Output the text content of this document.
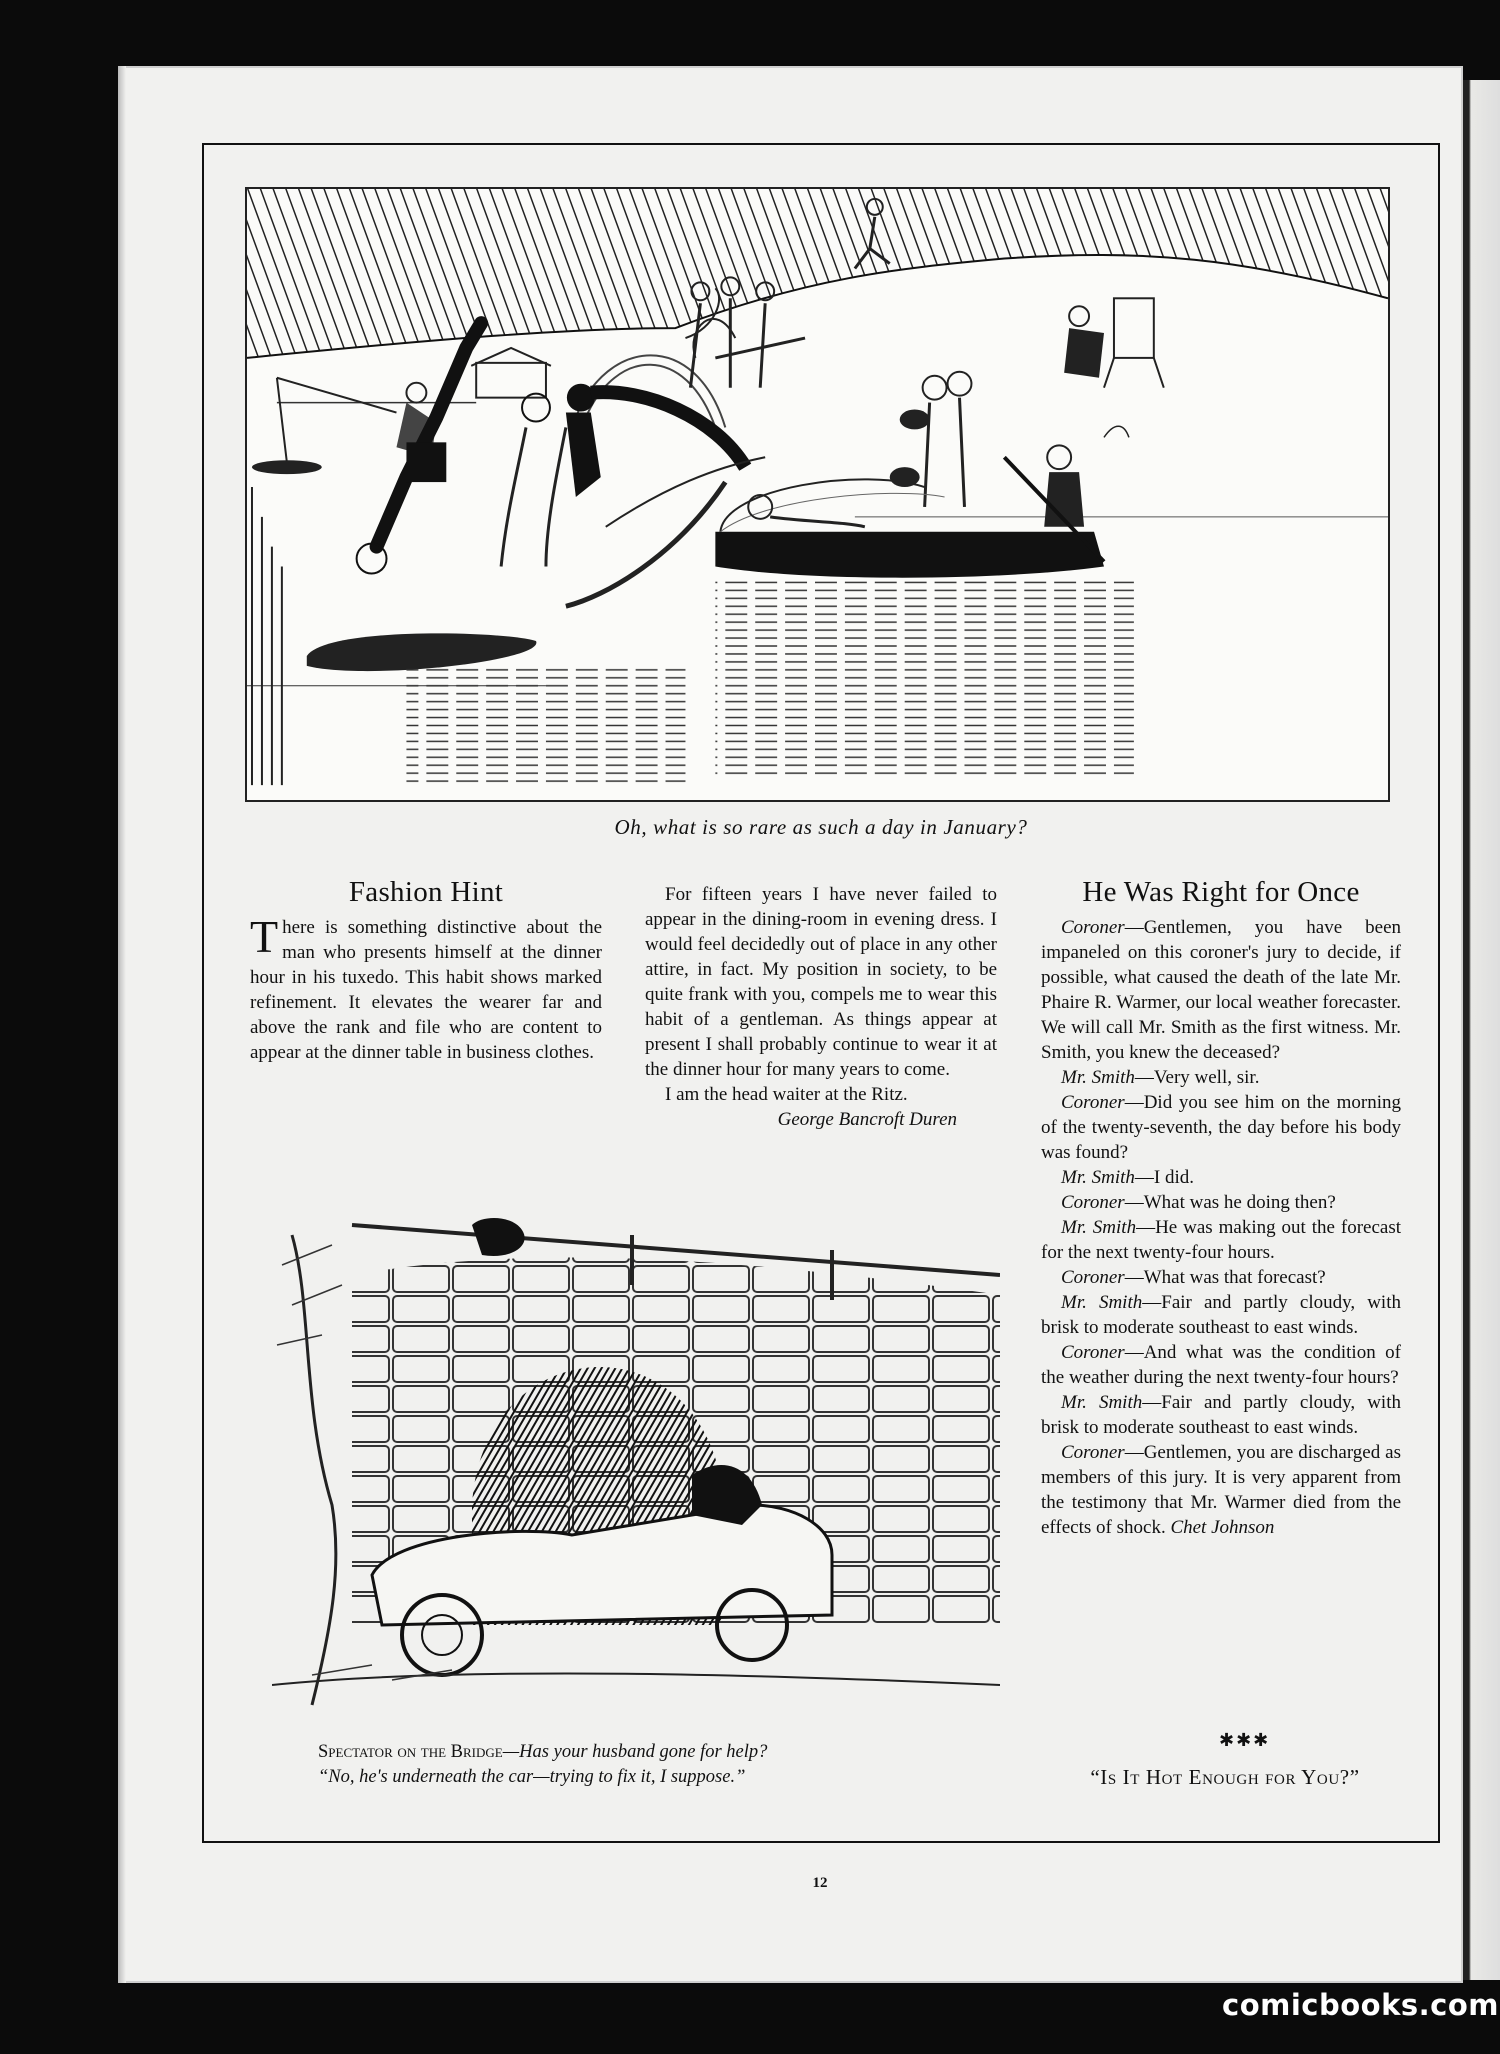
Oh, what is so rare as such a day in January?
Fashion Hint

There is something distinctive about the man who presents himself at the dinner hour in his tuxedo. This habit shows marked refinement. It elevates the wearer far and above the rank and file who are content to appear at the dinner table in business clothes.

For fifteen years I have never failed to appear in the dining-room in evening dress. I would feel decidedly out of place in any other attire, in fact. My position in society, to be quite frank with you, compels me to wear this habit of a gentleman. As things appear at present I shall probably continue to wear it at the dinner hour for many years to come.

I am the head waiter at the Ritz.

George Bancroft Duren

He Was Right for Once

Coroner—Gentlemen, you have been impaneled on this coroner's jury to decide, if possible, what caused the death of the late Mr. Phaire R. Warmer, our local weather forecaster. We will call Mr. Smith as the first witness. Mr. Smith, you knew the deceased?

Mr. Smith—Very well, sir.

Coroner—Did you see him on the morning of the twenty-seventh, the day before his body was found?

Mr. Smith—I did.

Coroner—What was he doing then?

Mr. Smith—He was making out the forecast for the next twenty-four hours.

Coroner—What was that forecast?

Mr. Smith—Fair and partly cloudy, with brisk to moderate southeast to east winds.

Coroner—And what was the condition of the weather during the next twenty-four hours?

Mr. Smith—Fair and partly cloudy, with brisk to moderate southeast to east winds.

Coroner—Gentlemen, you are discharged as members of this jury. It is very apparent from the testimony that Mr. Warmer died from the effects of shock. Chet Johnson

Spectator on the Bridge—Has your husband gone for help?
“No, he's underneath the car—trying to fix it, I suppose.”
✱✱✱
“Is It Hot Enough for You?”
12
comicbooks.com
